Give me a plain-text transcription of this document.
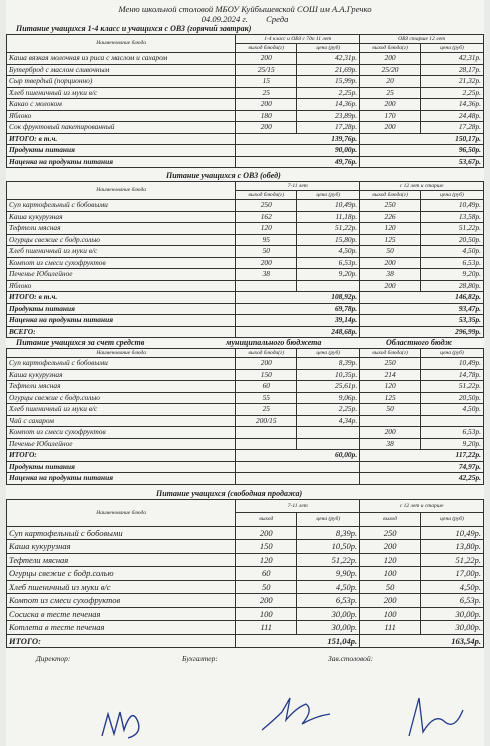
Меню школьной столовой МБОУ Куйбышевской СОШ им А.А.Гречко
04.09.2024 г. Среда
Питание учащихся 1-4 класс и учащихся с ОВЗ (горячий завтрак)
Наименование блюда	1-4 класс и ОВЗ с 7до 11 лет		ОВЗ старше 12 лет	
	выход блюда(г)	цена (руб)	выход блюда(г)	цена (руб)
Каша вязкая молочная из риса с маслом и сахаром	200	42,31р.	200	42,31р.
Бутерброд с маслом сливочным	25/15	21,69р.	25/20	28,17р.
Сыр твердый (порционно)	15	15,99р.	20	21,32р.
Хлеб пшеничный из муки в/с	25	2,25р.	25	2,25р.
Какао с молоком	200	14,36р.	200	14,36р.
Яблоко	180	23,89р.	170	24,48р.
Сок фруктовый пакетированный	200	17,28р.	200	17,28р.
ИТОГО: в т.ч.	139,76р.		150,17р.	
Продукты питания	90,00р.		96,50р.	
Наценка на продукты питания	49,76р.		53,67р.	
Питание учащихся с ОВЗ (обед)
Наименование блюда	7-11 лет		с 12 лет и старше	
	выход блюда(г)	цена (руб)	выход блюда(г)	цена (руб)
Суп картофельный с бобовыми	250	10,49р.	250	10,49р.
Каша кукурузная	162	11,18р.	226	13,58р.
Тефтели мясная	120	51,22р.	120	51,22р.
Огурцы свежие с бодр.солью	95	15,80р.	125	20,50р.
Хлеб пшеничный из муки в/с	50	4,50р.	50	4,50р.
Компот из смеси сухофруктов	200	6,53р.	200	6,53р.
Печенье Юбилейное	38	9,20р.	38	9,20р.
Яблоко			200	28,80р.
ИТОГО: в т.ч.	108,92р.		146,82р.	
Продукты питания	69,78р.		93,47р.	
Наценка на продукты питания	39,14р.		53,35р.	
ВСЕГО:	248,68р.		296,99р.	
Питание учащихся за счет средств	муниципального бюджета	Областного бюдж
Наименование блюда	выход блюда(г)	цена (руб)	выход блюда(г)	цена (руб)
Суп картофельный с бобовыми	200	8,39р.	250	10,49р.
Каша кукурузная	150	10,35р.	214	14,78р.
Тефтели мясная	60	25,61р.	120	51,22р.
Огурцы свежие с бодр.солью	55	9,06р.	125	20,50р.
Хлеб пшеничный из муки в/с	25	2,25р.	50	4,50р.
Чай с сахаром	200/15	4,34р.		
Компот из смеси сухофруктов			200	6,53р.
Печенье Юбилейное			38	9,20р.
ИТОГО:	60,00р.		117,22р.	
Продукты питания			74,97р.	
Наценка на продукты питания			42,25р.	
Питание учащихся (свободная продажа)
Наименование блюда	7-11 лет		с 12 лет и старше	
	выход	цена (руб)	выход	цена (руб)
Суп картофельный с бобовыми	200	8,39р.	250	10,49р.
Каша кукурузная	150	10,50р.	200	13,80р.
Тефтели мясная	120	51,22р.	120	51,22р.
Огурцы свежие с бодр.солью	60	9,90р.	100	17,00р.
Хлеб пшеничный из муки в/с	50	4,50р.	50	4,50р.
Компот из смеси сухофруктов	200	6,53р.	200	6,53р.
Сосиска в тесте печеная	100	30,00р.	100	30,00р.
Котлета в тесте печеная	111	30,00р.	111	30,00р.
ИТОГО:	151,04р.		163,54р.	
Директор:	Бухгалтер:	Зав.столовой:
